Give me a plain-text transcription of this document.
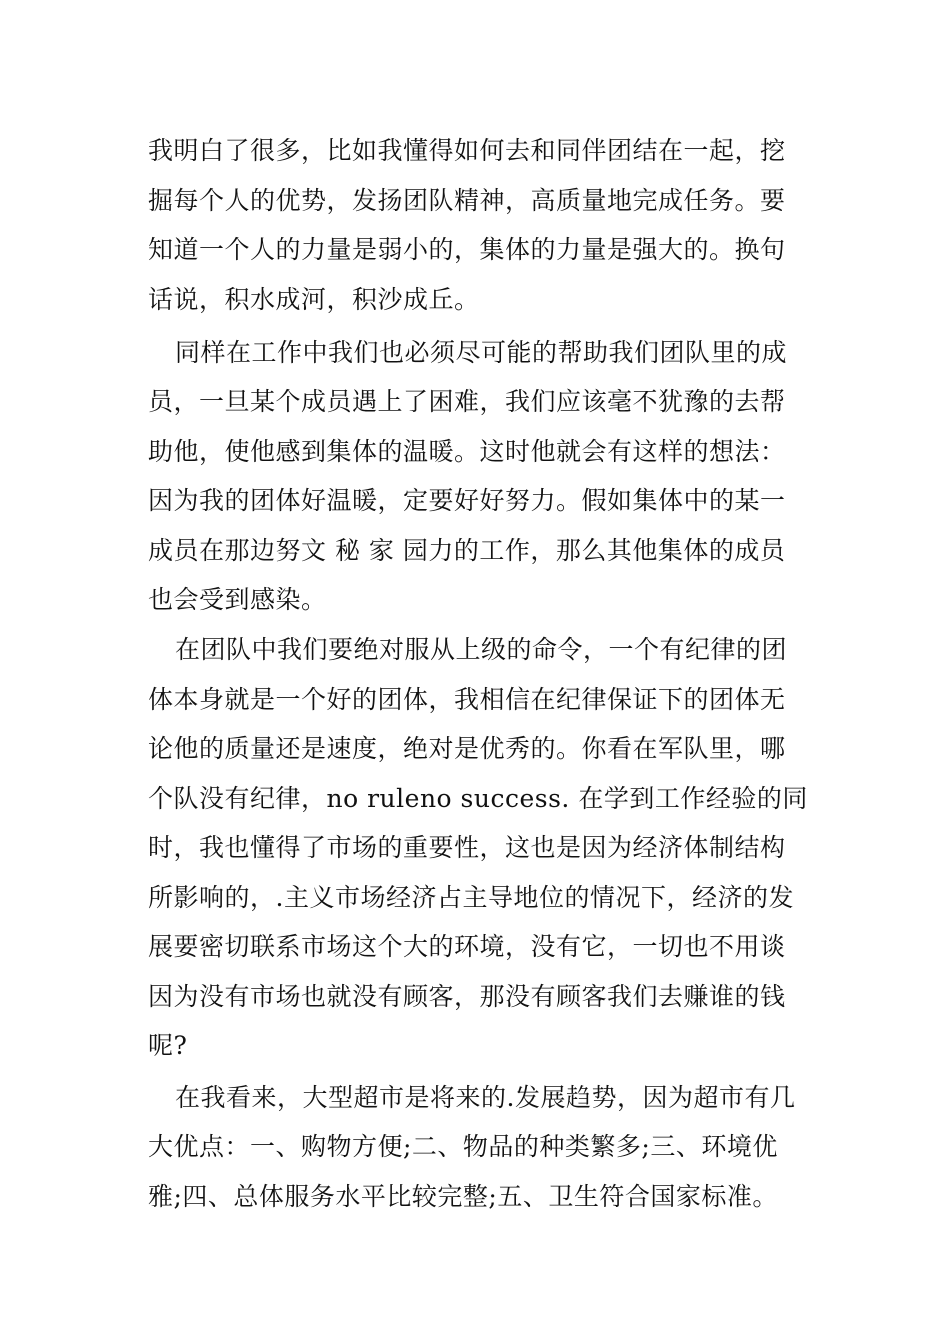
我明白了很多，比如我懂得如何去和同伴团结在一起，挖
掘每个人的优势，发扬团队精神，高质量地完成任务。要
知道一个人的力量是弱小的，集体的力量是强大的。换句
话说，积水成河，积沙成丘。
同样在工作中我们也必须尽可能的帮助我们团队里的成
员，一旦某个成员遇上了困难，我们应该毫不犹豫的去帮
助他，使他感到集体的温暖。这时他就会有这样的想法：
因为我的团体好温暖，定要好好努力。假如集体中的某一
成员在那边努文 秘 家 园力的工作，那么其他集体的成员
也会受到感染。
在团队中我们要绝对服从上级的命令，一个有纪律的团
体本身就是一个好的团体，我相信在纪律保证下的团体无
论他的质量还是速度，绝对是优秀的。你看在军队里，哪
个队没有纪律，no ruleno success. 在学到工作经验的同
时，我也懂得了市场的重要性，这也是因为经济体制结构
所影响的，.主义市场经济占主导地位的情况下，经济的发
展要密切联系市场这个大的环境，没有它，一切也不用谈
因为没有市场也就没有顾客，那没有顾客我们去赚谁的钱
呢?
在我看来，大型超市是将来的.发展趋势，因为超市有几
大优点：一、购物方便;二、物品的种类繁多;三、环境优
雅;四、总体服务水平比较完整;五、卫生符合国家标准。
